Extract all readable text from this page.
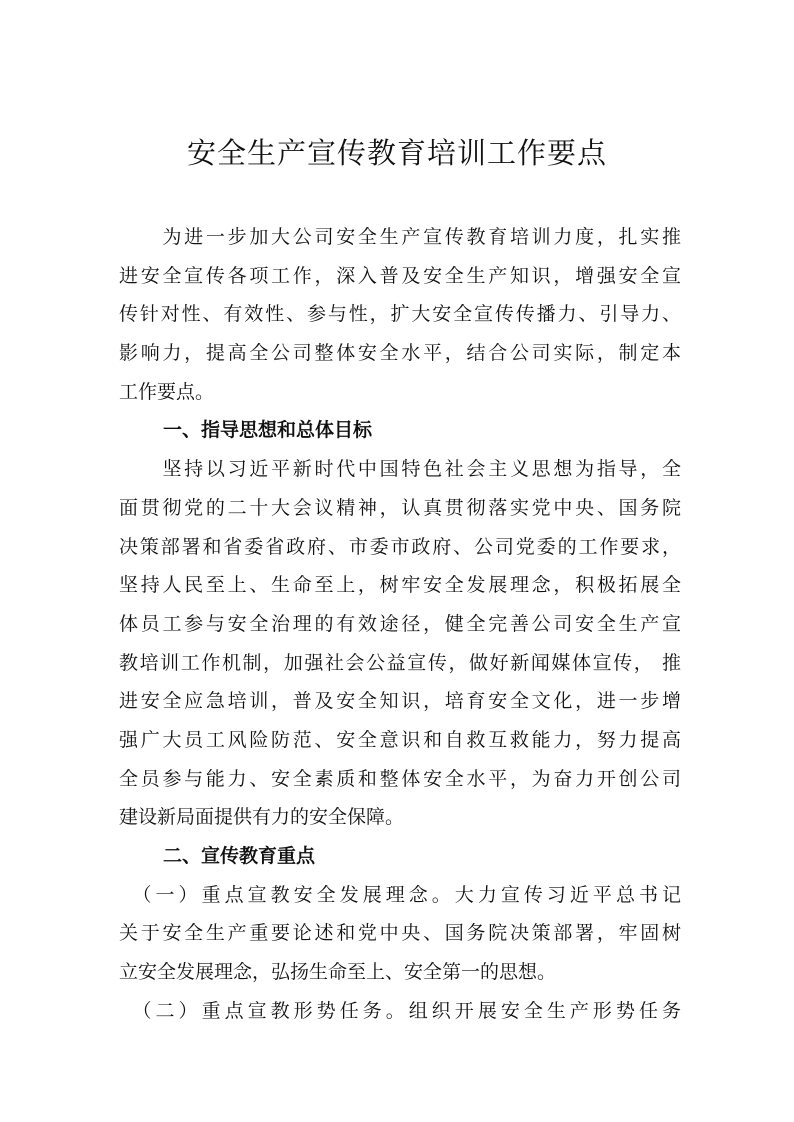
安全生产宣传教育培训工作要点
　　为进一步加大公司安全生产宣传教育培训力度，扎实推
进安全宣传各项工作，深入普及安全生产知识，增强安全宣
传针对性、有效性、参与性，扩大安全宣传传播力、引导力、
影响力，提高全公司整体安全水平，结合公司实际，制定本
工作要点。
一、指导思想和总体目标
　　坚持以习近平新时代中国特色社会主义思想为指导，全
面贯彻党的二十大会议精神，认真贯彻落实党中央、国务院
决策部署和省委省政府、市委市政府、公司党委的工作要求，
坚持人民至上、生命至上，树牢安全发展理念，积极拓展全
体员工参与安全治理的有效途径，健全完善公司安全生产宣
教培训工作机制，加强社会公益宣传，做好新闻媒体宣传， 推
进安全应急培训，普及安全知识，培育安全文化，进一步增
强广大员工风险防范、安全意识和自救互救能力，努力提高
全员参与能力、安全素质和整体安全水平，为奋力开创公司
建设新局面提供有力的安全保障。
二、宣传教育重点
　（一）重点宣教安全发展理念。大力宣传习近平总书记
关于安全生产重要论述和党中央、国务院决策部署，牢固树
立安全发展理念，弘扬生命至上、安全第一的思想。
　（二）重点宣教形势任务。组织开展安全生产形势任务
